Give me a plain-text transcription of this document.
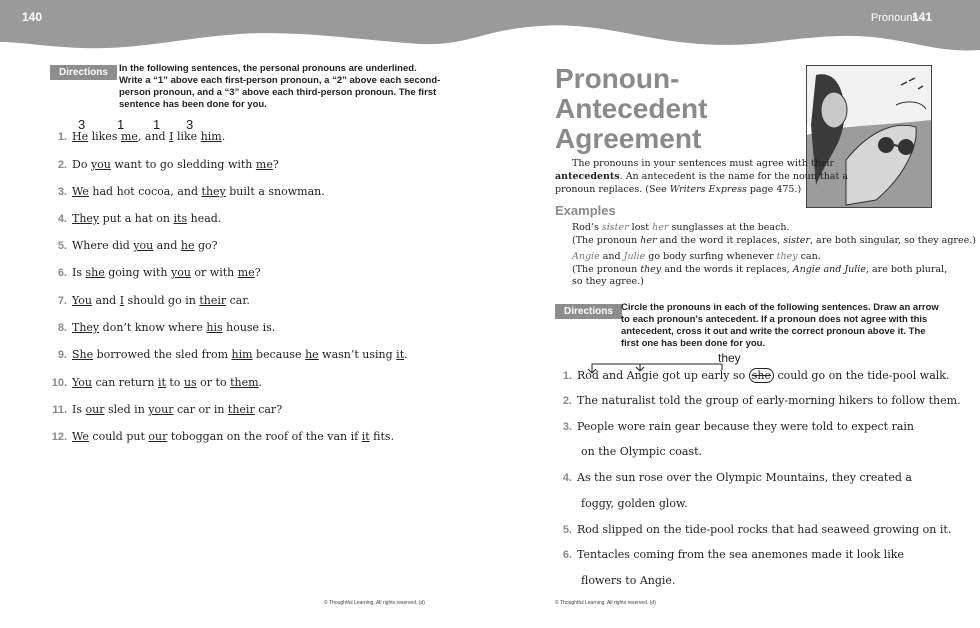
140	Pronouns
141
Directions	In the following sentences, the personal pronouns are underlined.
Write a “1” above each first-person pronoun, a “2” above each second-
person pronoun, and a “3” above each third-person pronoun. The first
sentence has been done for you.
3 1 1 3
1. He likes me, and I like him.
2. Do you want to go sledding with me?
3. We had hot cocoa, and they built a snowman.
4. They put a hat on its head.
5. Where did you and he go?
6. Is she going with you or with me?
7. You and I should go in their car.
8. They don’t know where his house is.
9. She borrowed the sled from him because he wasn’t using it.
10. You can return it to us or to them.
11. Is our sled in your car or in their car?
12. We could put our toboggan on the roof of the van if it fits.
© Thoughtful Learning. All rights reserved. (d)
Pronoun-
Antecedent
Agreement
The pronouns in your sentences must agree with their
antecedents. An antecedent is the name for the noun that a
pronoun replaces. (See Writers Express page 475.)
Examples
Rod’s sister lost her sunglasses at the beach.
(The pronoun her and the word it replaces, sister, are both singular, so they agree.)
Angie and Julie go body surfing whenever they can.
(The pronoun they and the words it replaces, Angie and Julie, are both plural,
so they agree.)
Directions Circle the pronouns in each of the following sentences. Draw an arrow
to each pronoun’s antecedent. If a pronoun does not agree with this
antecedent, cross it out and write the correct pronoun above it. The
first one has been done for you.
they
1. Rod and Angie got up early so she could go on the tide-pool walk.
2. The naturalist told the group of early-morning hikers to follow them.
3. People wore rain gear because they were told to expect rain
on the Olympic coast.
4. As the sun rose over the Olympic Mountains, they created a
foggy, golden glow.
5. Rod slipped on the tide-pool rocks that had seaweed growing on it.
6. Tentacles coming from the sea anemones made it look like
flowers to Angie.
© Thoughtful Learning. All rights reserved. (d)
